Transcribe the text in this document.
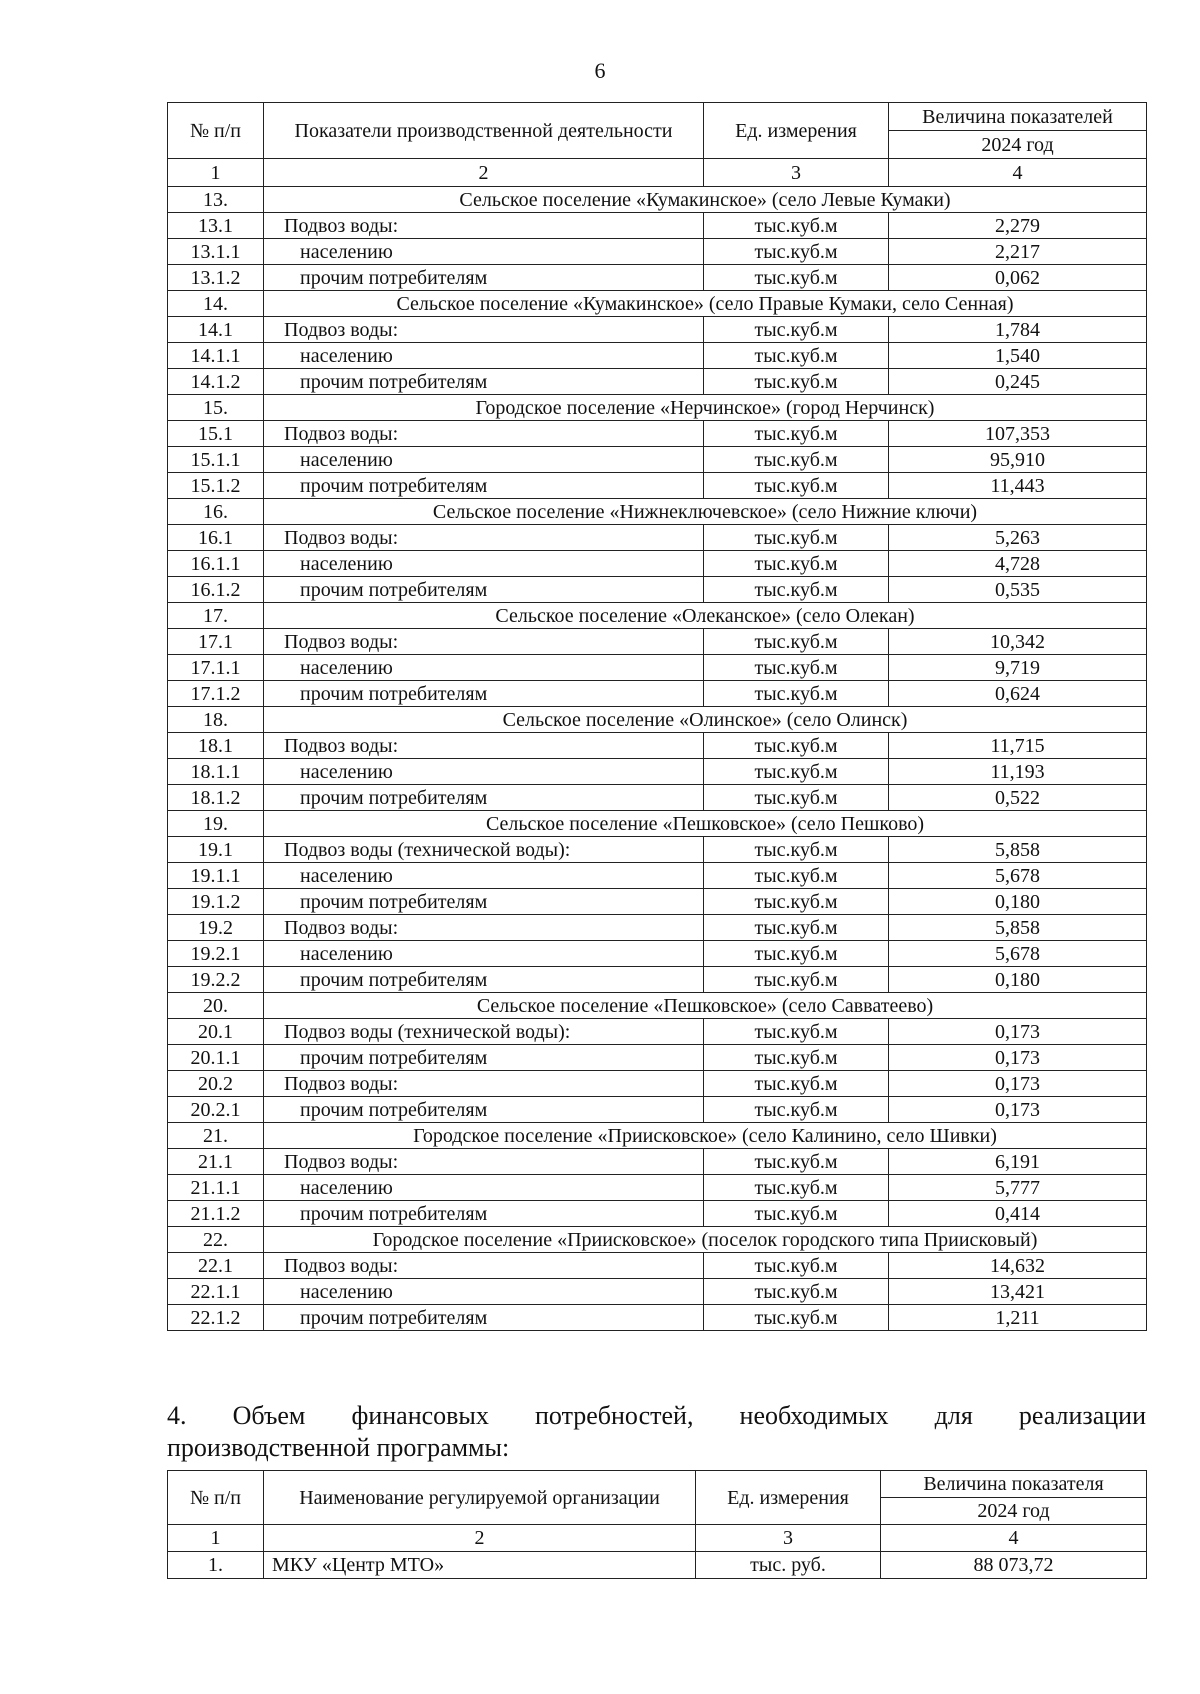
6
№ п/п	Показатели производственной деятельности	Ед. измерения	Величина показателей
			2024 год
1	2	3	4
13.	Сельское поселение «Кумакинское» (село Левые Кумаки)		
13.1	Подвоз воды:	тыс.куб.м	2,279
13.1.1	населению	тыс.куб.м	2,217
13.1.2	прочим потребителям	тыс.куб.м	0,062
14.	Сельское поселение «Кумакинское» (село Правые Кумаки, село Сенная)		
14.1	Подвоз воды:	тыс.куб.м	1,784
14.1.1	населению	тыс.куб.м	1,540
14.1.2	прочим потребителям	тыс.куб.м	0,245
15.	Городское поселение «Нерчинское» (город Нерчинск)		
15.1	Подвоз воды:	тыс.куб.м	107,353
15.1.1	населению	тыс.куб.м	95,910
15.1.2	прочим потребителям	тыс.куб.м	11,443
16.	Сельское поселение «Нижнеключевское» (село Нижние ключи)		
16.1	Подвоз воды:	тыс.куб.м	5,263
16.1.1	населению	тыс.куб.м	4,728
16.1.2	прочим потребителям	тыс.куб.м	0,535
17.	Сельское поселение «Олеканское» (село Олекан)		
17.1	Подвоз воды:	тыс.куб.м	10,342
17.1.1	населению	тыс.куб.м	9,719
17.1.2	прочим потребителям	тыс.куб.м	0,624
18.	Сельское поселение «Олинское» (село Олинск)		
18.1	Подвоз воды:	тыс.куб.м	11,715
18.1.1	населению	тыс.куб.м	11,193
18.1.2	прочим потребителям	тыс.куб.м	0,522
19.	Сельское поселение «Пешковское» (село Пешково)		
19.1	Подвоз воды (технической воды):	тыс.куб.м	5,858
19.1.1	населению	тыс.куб.м	5,678
19.1.2	прочим потребителям	тыс.куб.м	0,180
19.2	Подвоз воды:	тыс.куб.м	5,858
19.2.1	населению	тыс.куб.м	5,678
19.2.2	прочим потребителям	тыс.куб.м	0,180
20.	Сельское поселение «Пешковское» (село Савватеево)		
20.1	Подвоз воды (технической воды):	тыс.куб.м	0,173
20.1.1	прочим потребителям	тыс.куб.м	0,173
20.2	Подвоз воды:	тыс.куб.м	0,173
20.2.1	прочим потребителям	тыс.куб.м	0,173
21.	Городское поселение «Приисковское» (село Калинино, село Шивки)		
21.1	Подвоз воды:	тыс.куб.м	6,191
21.1.1	населению	тыс.куб.м	5,777
21.1.2	прочим потребителям	тыс.куб.м	0,414
22.	Городское поселение «Приисковское» (поселок городского типа Приисковый)		
22.1	Подвоз воды:	тыс.куб.м	14,632
22.1.1	населению	тыс.куб.м	13,421
22.1.2	прочим потребителям	тыс.куб.м	1,211
4. Объем финансовых потребностей, необходимых для реализации
производственной программы:
№ п/п	Наименование регулируемой организации	Ед. измерения	Величина показателя
			2024 год
1	2	3	4
1.	МКУ «Центр МТО»	тыс. руб.	88 073,72
